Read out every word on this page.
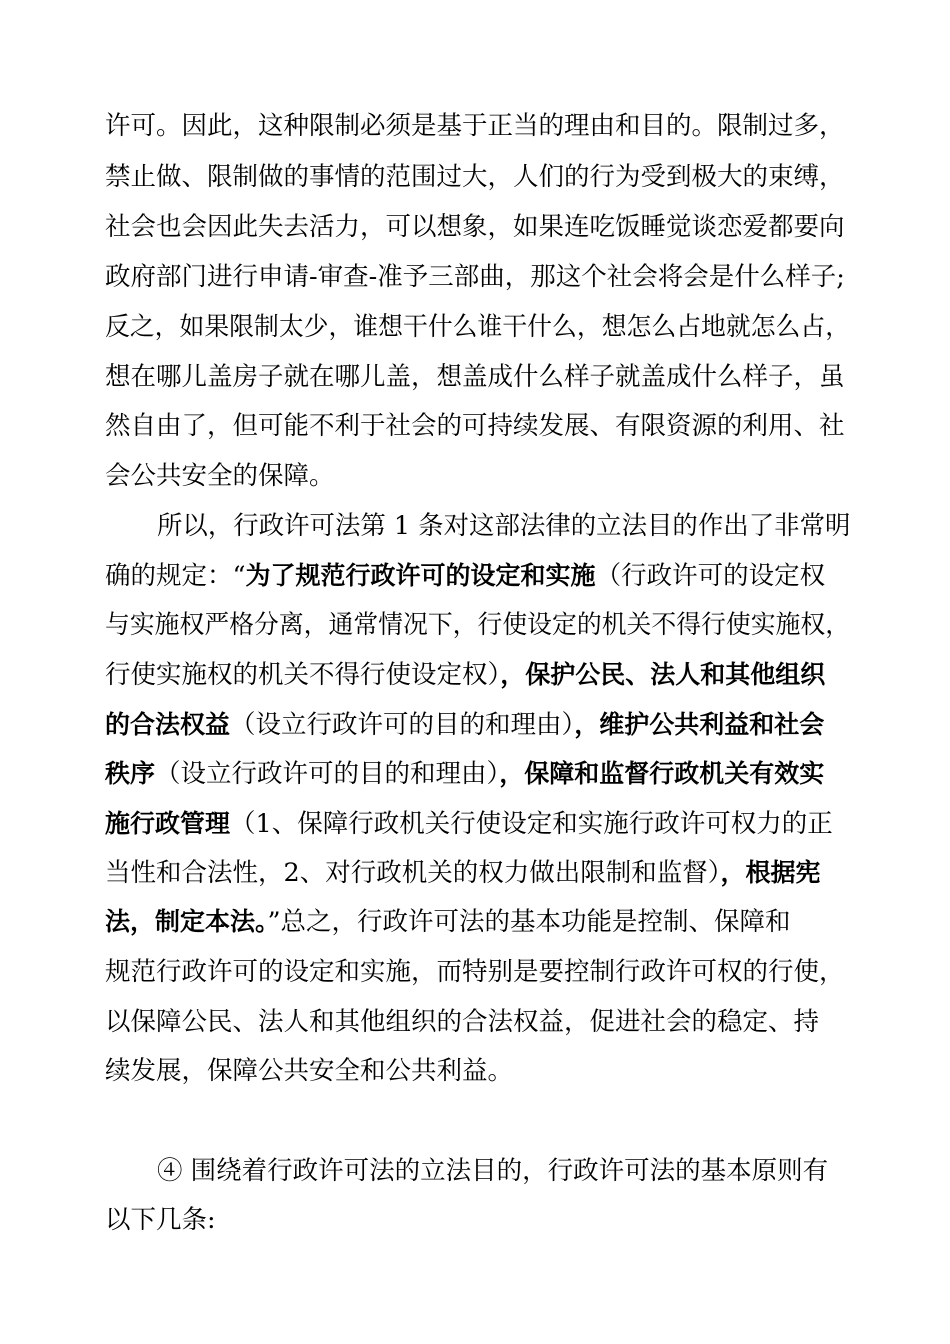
许可。因此，这种限制必须是基于正当的理由和目的。限制过多，
禁止做、限制做的事情的范围过大，人们的行为受到极大的束缚，
社会也会因此失去活力，可以想象，如果连吃饭睡觉谈恋爱都要向
政府部门进行申请-审查-准予三部曲，那这个社会将会是什么样子;
反之，如果限制太少，谁想干什么谁干什么，想怎么占地就怎么占，
想在哪儿盖房子就在哪儿盖，想盖成什么样子就盖成什么样子，虽
然自由了，但可能不利于社会的可持续发展、有限资源的利用、社
会公共安全的保障。
所以，行政许可法第 1 条对这部法律的立法目的作出了非常明
确的规定：“为了规范行政许可的设定和实施（行政许可的设定权
与实施权严格分离，通常情况下，行使设定的机关不得行使实施权，
行使实施权的机关不得行使设定权），保护公民、法人和其他组织
的合法权益（设立行政许可的目的和理由），维护公共利益和社会
秩序（设立行政许可的目的和理由），保障和监督行政机关有效实
施行政管理（1、保障行政机关行使设定和实施行政许可权力的正
当性和合法性，2、对行政机关的权力做出限制和监督），根据宪
法，制定本法。”总之，行政许可法的基本功能是控制、保障和
规范行政许可的设定和实施，而特别是要控制行政许可权的行使，
以保障公民、法人和其他组织的合法权益，促进社会的稳定、持
续发展，保障公共安全和公共利益。
④ 围绕着行政许可法的立法目的，行政许可法的基本原则有
以下几条:
